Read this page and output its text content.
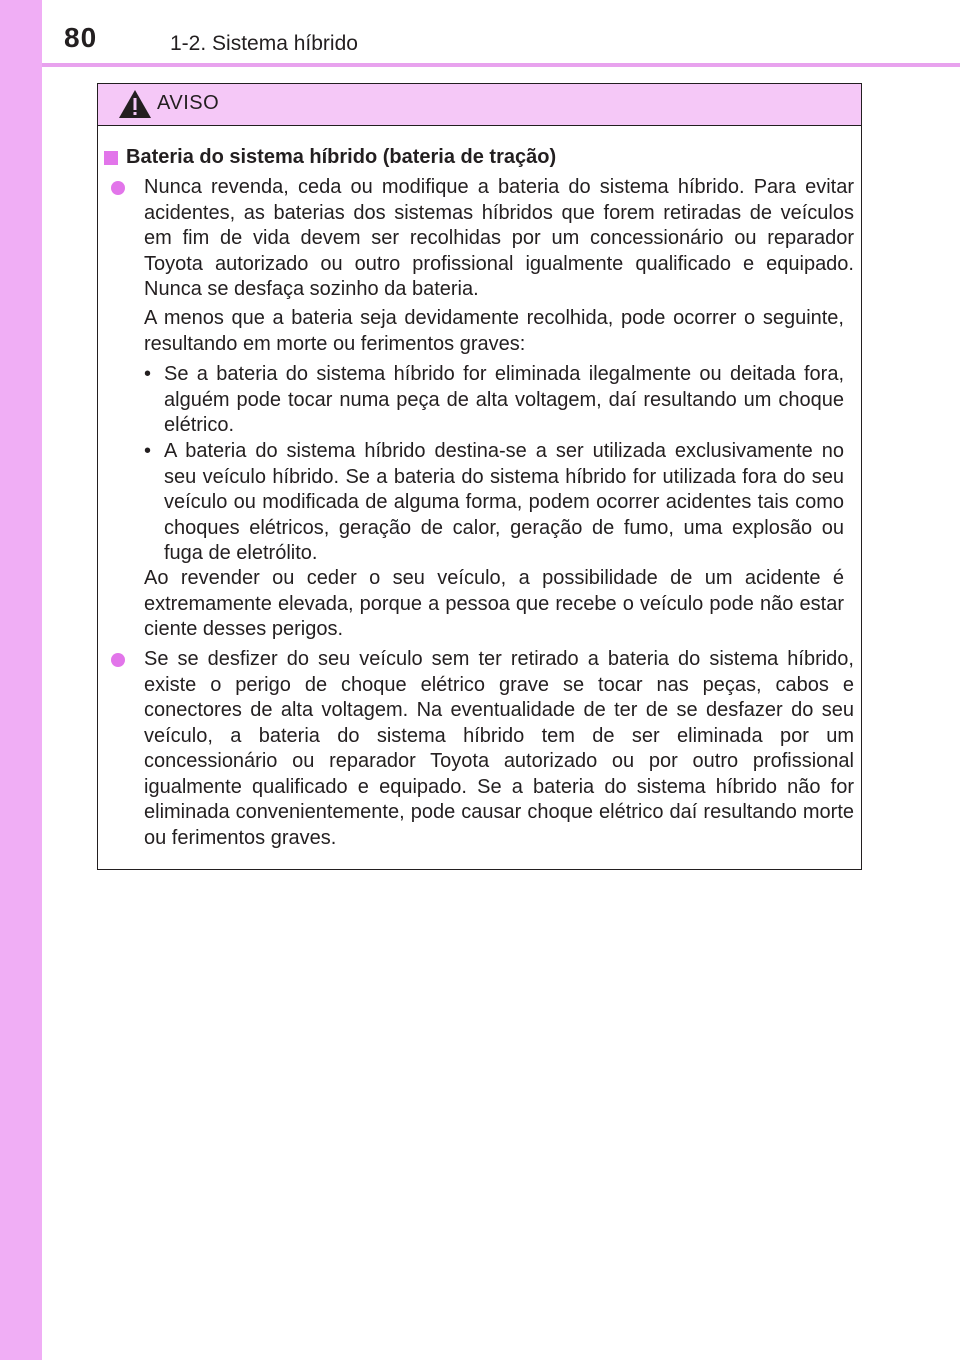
80	1-2. Sistema híbrido
AVISO
Bateria do sistema híbrido (bateria de tração)
Nunca revenda, ceda ou modifique a bateria do sistema híbrido. Para evitar acidentes, as baterias dos sistemas híbridos que forem retiradas de veículos em fim de vida devem ser recolhidas por um concessionário ou reparador Toyota autorizado ou outro profissional igualmente qualificado e equipado. Nunca se desfaça sozinho da bateria.
A menos que a bateria seja devidamente recolhida, pode ocorrer o seguinte, resultando em morte ou ferimentos graves:
• Se a bateria do sistema híbrido for eliminada ilegalmente ou deitada fora, alguém pode tocar numa peça de alta voltagem, daí resultando um choque elétrico.
• A bateria do sistema híbrido destina-se a ser utilizada exclusivamente no seu veículo híbrido. Se a bateria do sistema híbrido for utilizada fora do seu veículo ou modificada de alguma forma, podem ocorrer acidentes tais como choques elétricos, geração de calor, geração de fumo, uma explosão ou fuga de eletrólito.
Ao revender ou ceder o seu veículo, a possibilidade de um acidente é extremamente elevada, porque a pessoa que recebe o veículo pode não estar ciente desses perigos.
Se se desfizer do seu veículo sem ter retirado a bateria do sistema híbrido, existe o perigo de choque elétrico grave se tocar nas peças, cabos e conectores de alta voltagem. Na eventualidade de ter de se desfazer do seu veículo, a bateria do sistema híbrido tem de ser eliminada por um concessionário ou reparador Toyota autorizado ou por outro profissional igualmente qualificado e equipado. Se a bateria do sistema híbrido não for eliminada convenientemente, pode causar choque elétrico daí resultando morte ou ferimentos graves.
